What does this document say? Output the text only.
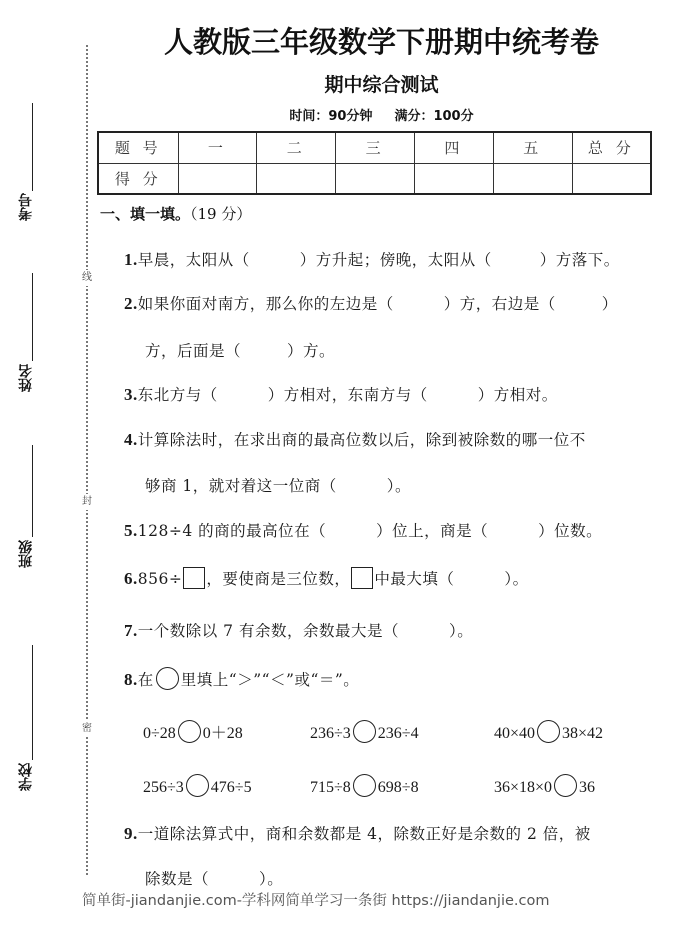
线
封
密
考号
姓名
班级
学校
人教版三年级数学下册期中统考卷
期中综合测试
时间：90分钟 满分：100分
题 号	一	二	三	四	五	总 分
得 分						
一、填一填。（19 分）
1.早晨，太阳从（	）方升起；傍晚，太阳从（	）方落下。
2.如果你面对南方，那么你的左边是（	）方，右边是（	）
方，后面是（	）方。
3.东北方与（	）方相对，东南方与（	）方相对。
4.计算除法时，在求出商的最高位数以后，除到被除数的哪一位不
够商 1，就对着这一位商（	）。
5.128÷4 的商的最高位在（	）位上，商是（	）位数。
6.856÷ ，要使商是三位数， 中最大填（	）。
7.一个数除以 7 有余数，余数最大是（	）。
8.在 里填上“＞”“＜”或“＝”。
0÷28 0＋28	236÷3 236÷4	40×40 38×42
256÷3 476÷5	715÷8 698÷8	36×18×0 36
9.一道除法算式中，商和余数都是 4，除数正好是余数的 2 倍，被
除数是（	）。
简单街-jiandanjie.com-学科网简单学习一条街 https://jiandanjie.com
